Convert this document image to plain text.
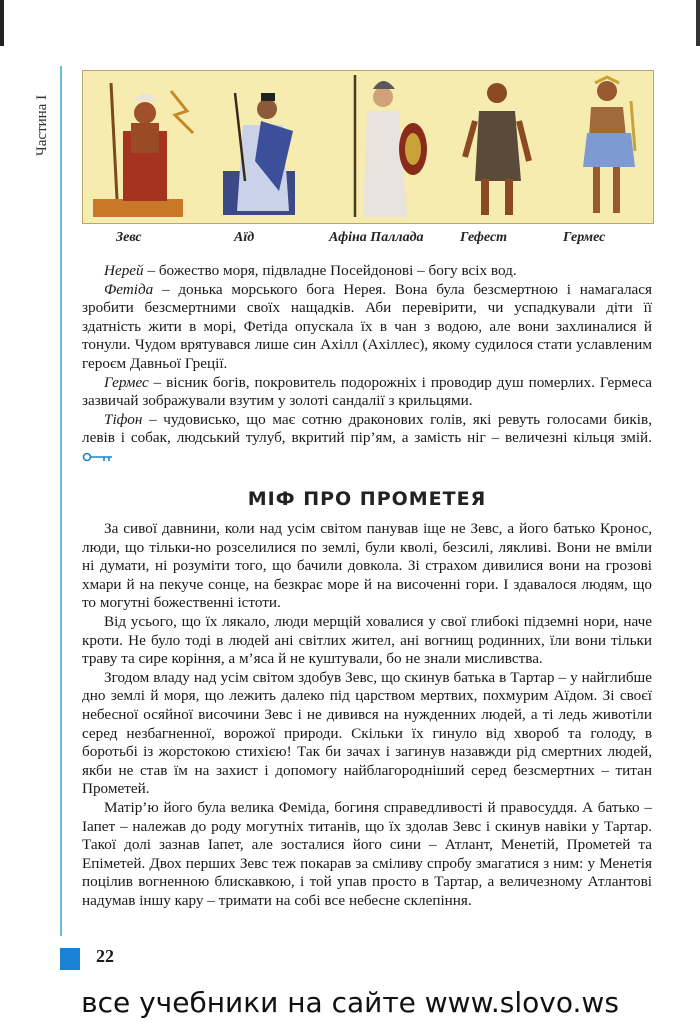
Частина І
Зевс	Аїд	Афіна Паллада	Гефест	Гермес

Нерей – божество моря, підвладне Посейдонові – богу всіх вод.

Фетіда – донька морського бога Нерея. Вона була безсмертною і намагалася зробити безсмертними своїх нащадків. Аби перевірити, чи успадкували діти її здатність жити в морі, Фетіда опускала їх в чан з водою, але вони захлиналися й тонули. Чудом врятувався лише син Ахілл (Ахіллес), якому судилося стати уславленим героєм Давньої Греції.

Гермес – вісник богів, покровитель подорожніх і проводир душ померлих. Гермеса зазвичай зображували взутим у золоті сандалії з крильцями.

Тіфон – чудовисько, що має сотню драконових голів, які ревуть голосами биків, левів і собак, людський тулуб, вкритий пір’ям, а замість ніг – величезні кільця змій.

МІФ ПРО ПРОМЕТЕЯ

За сивої давнини, коли над усім світом панував іще не Зевс, а його батько Кронос, люди, що тільки-но розселилися по землі, були кволі, безсилі, лякливі. Вони не вміли ні думати, ні розуміти того, що бачили довкола. Зі страхом дивилися вони на грозові хмари й на пекуче сонце, на безкрає море й на височенні гори. І здавалося людям, що то могутні божественні істоти.

Від усього, що їх лякало, люди мерщій ховалися у свої глибокі підземні нори, наче кроти. Не було тоді в людей ані світлих жител, ані вогнищ родинних, їли вони тільки траву та сире коріння, а м’яса й не куштували, бо не знали мисливства.

Згодом владу над усім світом здобув Зевс, що скинув батька в Тартар – у найглибше дно землі й моря, що лежить далеко під царством мертвих, похмурим Аїдом. Зі своєї небесної осяйної височини Зевс і не дивився на нужденних людей, а ті ледь животіли серед незбагненної, ворожої природи. Скільки їх гинуло від хвороб та голоду, в боротьбі із жорстокою стихією! Так би зачах і загинув назавжди рід смертних людей, якби не став їм на захист і допомогу найблагородніший серед безсмертних – титан Прометей.

Матір’ю його була велика Феміда, богиня справедливості й правосуддя. А батько – Іапет – належав до роду могутніх титанів, що їх здолав Зевс і скинув навіки у Тартар. Такої долі зазнав Іапет, але зосталися його сини – Атлант, Менетій, Прометей та Епіметей. Двох перших Зевс теж покарав за сміливу спробу змагатися з ним: у Менетія поцілив вогненною блискавкою, і той упав просто в Тартар, а величезному Атлантові надумав іншу кару – тримати на собі все небесне склепіння.

22
все учебники на сайте www.slovo.ws
